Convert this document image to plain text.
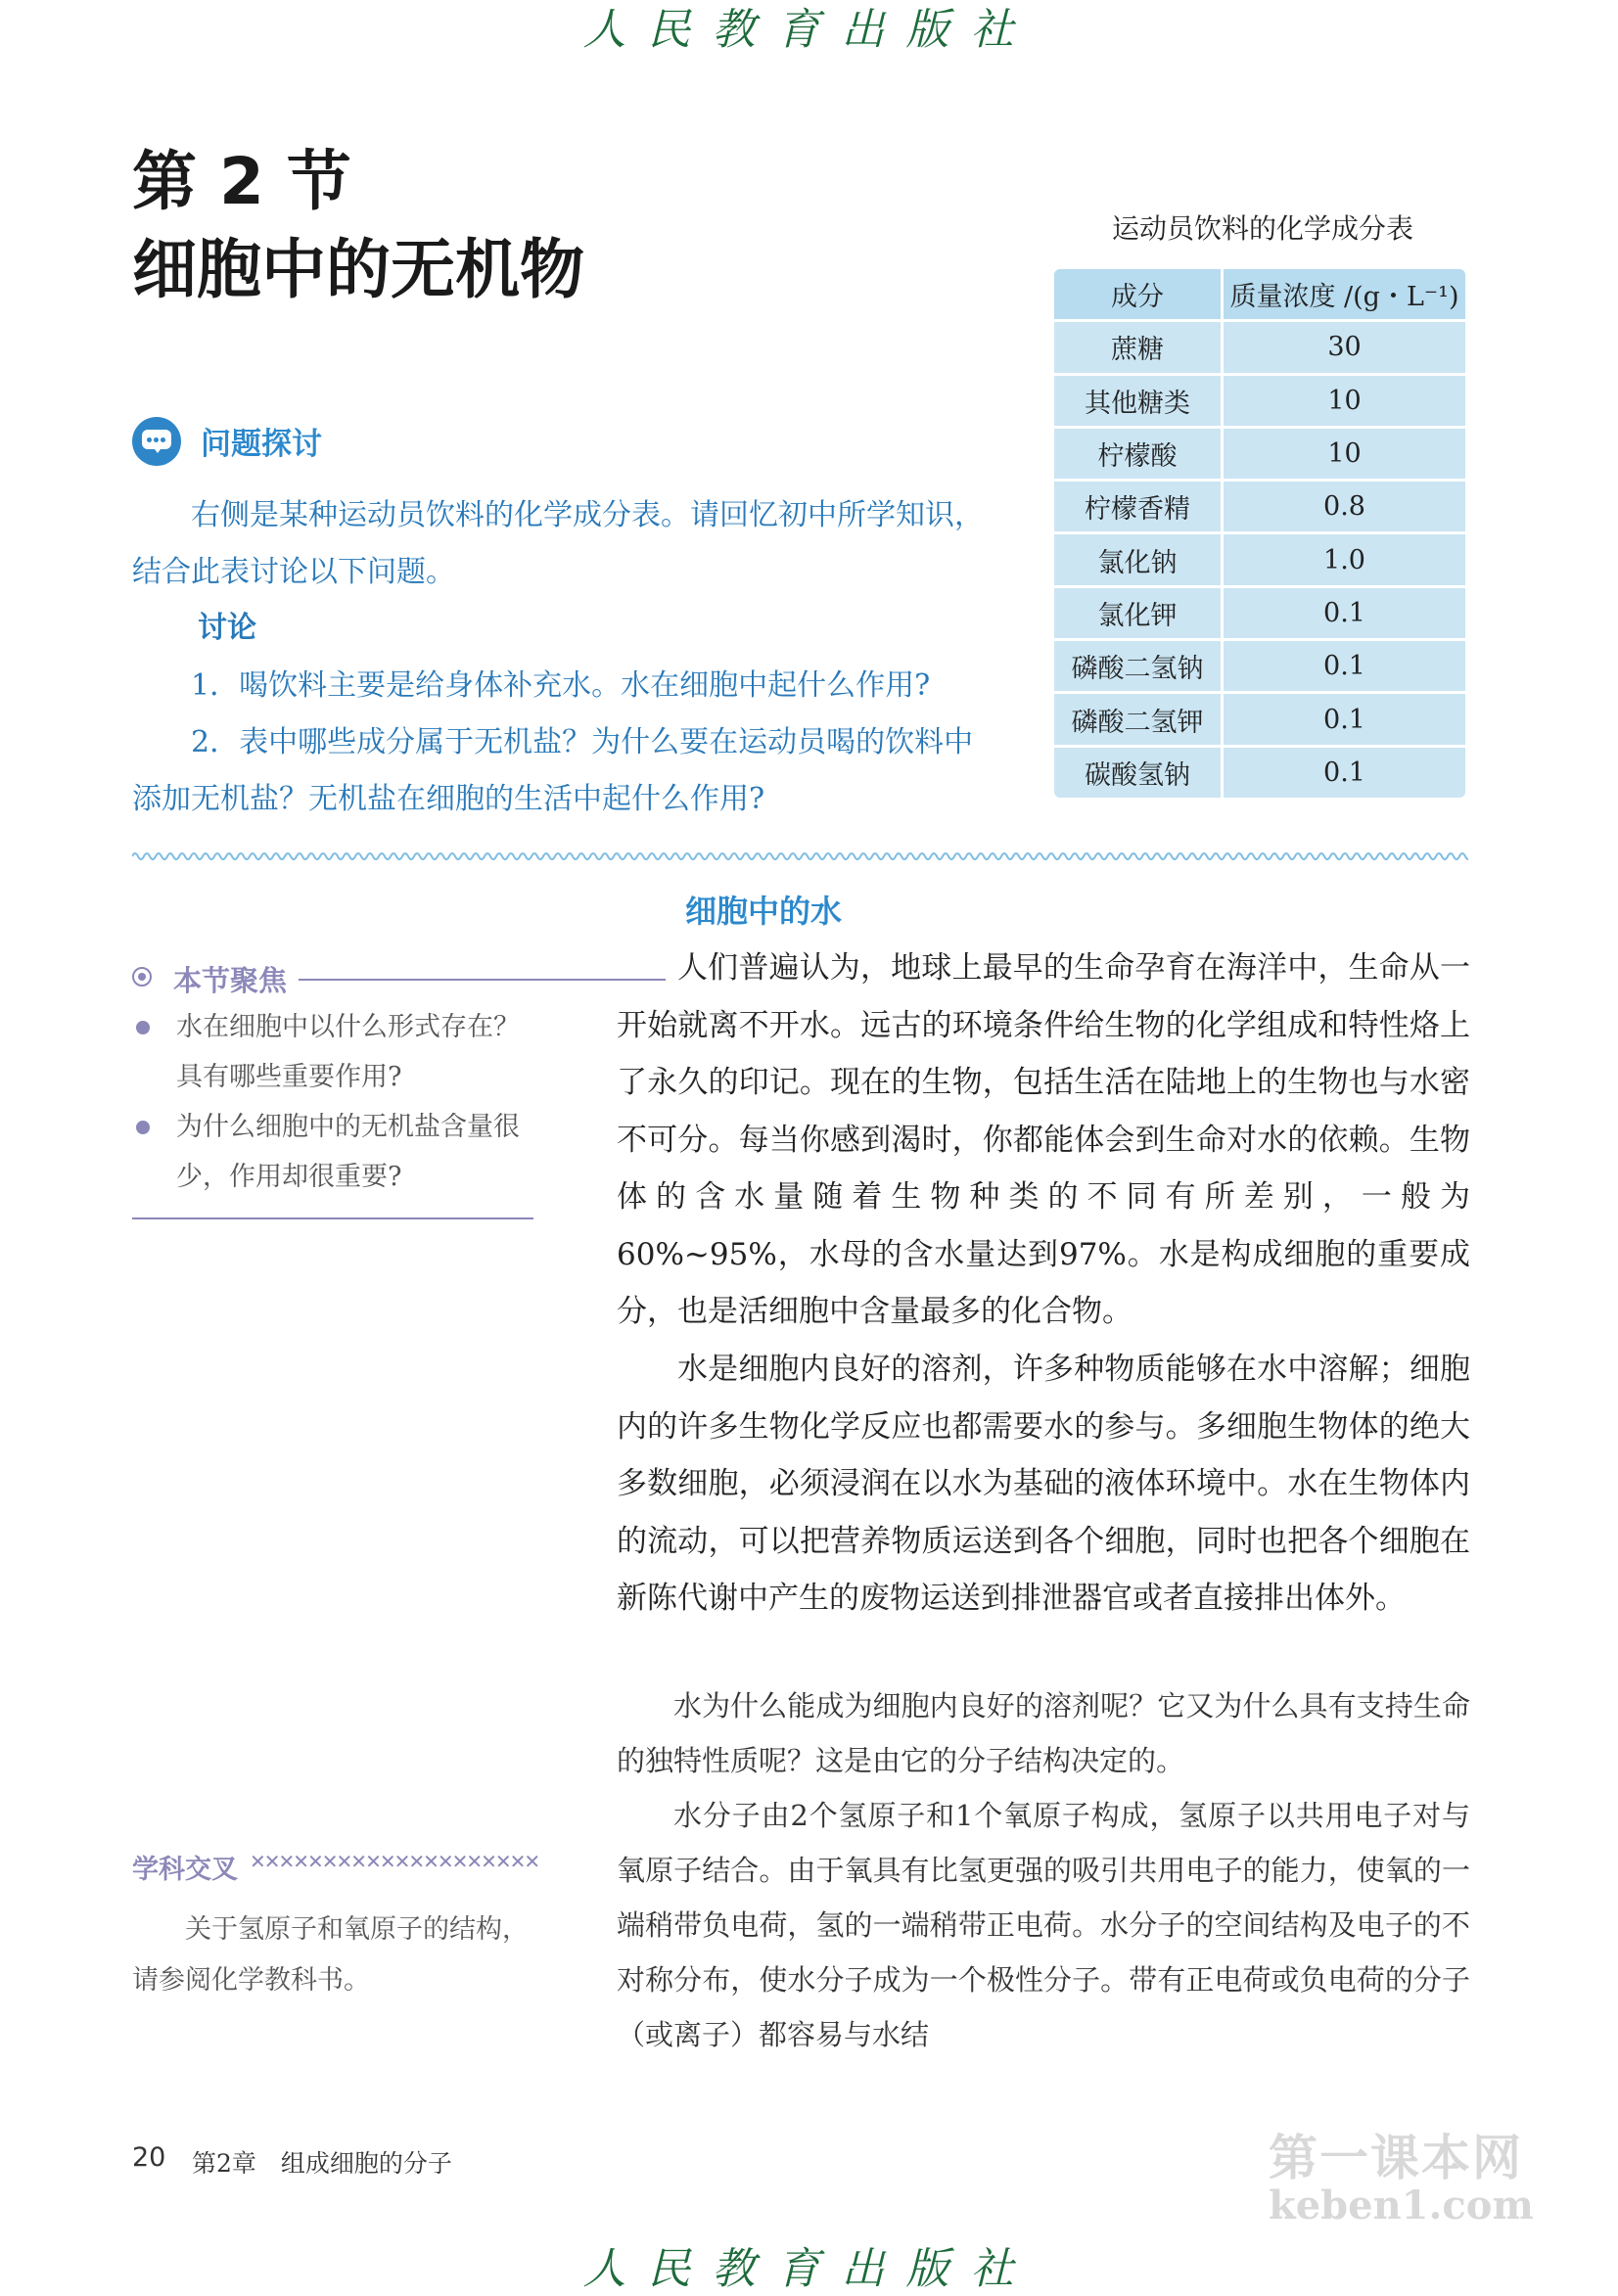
人民教育出版社
第 2 节
细胞中的无机物
问题探讨
右侧是某种运动员饮料的化学成分表。请回忆初中所学知识，结合此表讨论以下问题。
讨论
1．喝饮料主要是给身体补充水。水在细胞中起什么作用?
2．表中哪些成分属于无机盐？为什么要在运动员喝的饮料中添加无机盐？无机盐在细胞的生活中起什么作用?
运动员饮料的化学成分表
成分	质量浓度 /(g・L⁻¹)
蔗糖	30
其他糖类	10
柠檬酸	10
柠檬香精	0.8
氯化钠	1.0
氯化钾	0.1
磷酸二氢钠	0.1
磷酸二氢钾	0.1
碳酸氢钠	0.1
本节聚焦
水在细胞中以什么形式存在？具有哪些重要作用?
为什么细胞中的无机盐含量很少，作用却很重要?
学科交叉 ✕✕✕✕✕✕✕✕✕✕✕✕✕✕✕✕✕✕✕✕
关于氢原子和氧原子的结构，请参阅化学教科书。
细胞中的水

人们普遍认为，地球上最早的生命孕育在海洋中，生命从一开始就离不开水。远古的环境条件给生物的化学组成和特性烙上了永久的印记。现在的生物，包括生活在陆地上的生物也与水密不可分。每当你感到渴时，你都能体会到生命对水的依赖。生物体的含水量随着生物种类的不同有所差别，一般为60%~95%，水母的含水量达到97%。水是构成细胞的重要成分，也是活细胞中含量最多的化合物。

水是细胞内良好的溶剂，许多种物质能够在水中溶解；细胞内的许多生物化学反应也都需要水的参与。多细胞生物体的绝大多数细胞，必须浸润在以水为基础的液体环境中。水在生物体内的流动，可以把营养物质运送到各个细胞，同时也把各个细胞在新陈代谢中产生的废物运送到排泄器官或者直接排出体外。

水为什么能成为细胞内良好的溶剂呢？它又为什么具有支持生命的独特性质呢？这是由它的分子结构决定的。

水分子由2个氢原子和1个氧原子构成，氢原子以共用电子对与氧原子结合。由于氧具有比氢更强的吸引共用电子的能力，使氧的一端稍带负电荷，氢的一端稍带正电荷。水分子的空间结构及电子的不对称分布，使水分子成为一个极性分子。带有正电荷或负电荷的分子（或离子）都容易与水结

20 第2章　组成细胞的分子	第一课本网
keben1.com
人民教育出版社
